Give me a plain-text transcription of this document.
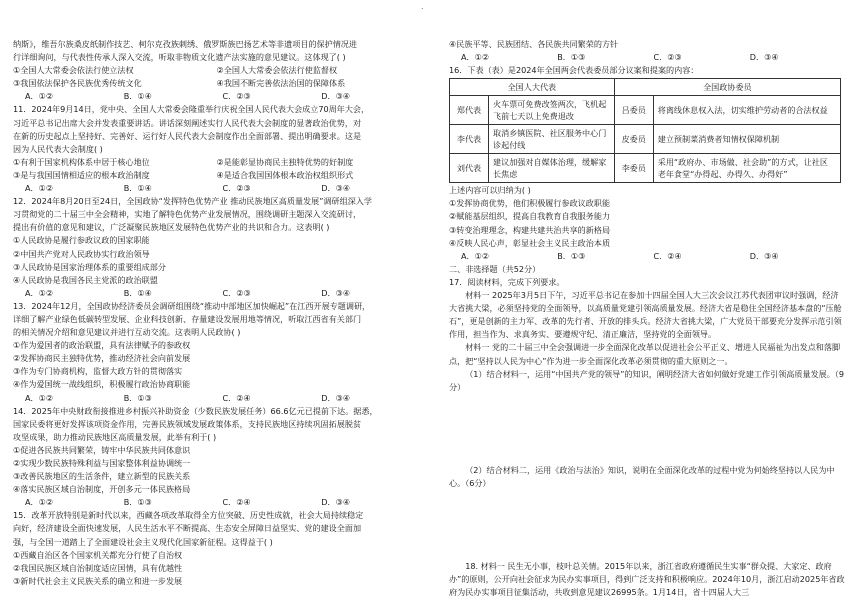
.

纳斯》，维吾尔族桑皮纸制作技艺、柯尔克孜族刺绣、俄罗斯族巴扬艺术等非遗项目的保护情况进

行详细询问，与代表性传承人深入交流，听取非物质文化遗产法实施的意见建议。这体现了( )

①全国人大常委会依法行使立法权	②全国人大常委会依法行使监督权
③我国依法保护各民族优秀传统文化	④我国不断完善依法治国的保障体系
A．①②	B．①④	C．②③	D．③④

11．2024年9月14日，党中央、全国人大常委会隆重举行庆祝全国人民代表大会成立70周年大会，

习近平总书记出席大会并发表重要讲话。讲话深刻阐述实行人民代表大会制度的显著政治优势，对

在新的历史起点上坚持好、完善好、运行好人民代表大会制度作出全面部署、提出明确要求。这是

因为人民代表大会制度( )

①有利于国家机构体系中居于核心地位	②是能彰显协商民主独特优势的好制度
③是与我国国情相适应的根本政治制度	④是适合我国国体根本政治权组织形式
A．①②	B．①④	C．②③	D．③④

12．2024年8月20日至24日，全国政协“发挥特色优势产业 推动民族地区高质量发展”调研组深入学

习贯彻党的二十届三中全会精神，实地了解特色优势产业发展情况，围绕调研主题深入交流研讨，

提出有价值的意见和建议，广泛凝聚民族地区发展特色优势产业的共识和合力。这表明( )

①人民政协是履行参政议政的国家职能

②中国共产党对人民政协实行政治领导

③人民政协是国家治理体系的重要组成部分

④人民政协是我国各民主党派的政治联盟

A．①②	B．①④	C．②③	D．③④

13．2024年12月，全国政协经济委员会调研组围绕“推动中部地区加快崛起”在江西开展专题调研，

详细了解产业绿色低碳转型发展、企业科技创新、存量建设发展用地等情况，听取江西省有关部门

的相关情况介绍和意见建议并进行互动交流。这表明人民政协( )

①作为爱国者的政治联盟，具有法律赋予的参政权

②发挥协商民主独特优势，推动经济社会向前发展

③作为专门协商机构，监督大政方针的贯彻落实

④作为爱国统一战线组织，积极履行政治协商职能

A．①②	B．①③	C．②④	D．③④

14．2025年中央财政衔接推进乡村振兴补助资金（少数民族发展任务）66.6亿元已提前下达。据悉，

国家民委将更好发挥该项资金作用，完善民族领域发展政策体系，支持民族地区持续巩固拓展脱贫

攻坚成果，助力推动民族地区高质量发展，此举有利于( )

①促进各民族共同繁荣，铸牢中华民族共同体意识

②实现少数民族特殊利益与国家整体利益协调统一

③改善民族地区的生活条件，建立新型的民族关系

④落实民族区域自治制度，开创多元一体民族格局

A．①②	B．①③	C．②④	D．③④

15．改革开放特别是新时代以来，西藏各项改革取得全方位突破、历史性成就，社会大局持续稳定

向好，经济建设全面快速发展，人民生活水平不断提高、生态安全屏障日益坚实、党的建设全面加

强，与全国一道踏上了全面建设社会主义现代化国家新征程。这得益于( )

①西藏自治区各个国家机关都充分行使了自治权

②我国民族区域自治制度适应国情，具有优越性

③新时代社会主义民族关系的确立和进一步发展

④民族平等、民族团结、各民族共同繁荣的方针

A．①②	B．①③	C．②③	D．③④

16．下表（表）是2024年全国两会代表委员部分议案和提案的内容：

全国人大代表		全国政协委员	
郑代表	火车票可免费改签两次，飞机起飞前七天以上免费退改	吕委员	将离线休息权入法，切实维护劳动者的合法权益
李代表	取消乡镇医院、社区服务中心门诊起付线	皮委员	建立预制菜消费者知情权保障机制
刘代表	建议加强对自媒体治理，缓解家长焦虑	李委员	采用“政府办、市场做、社会助”的方式，让社区老年食堂“办得起、办得久、办得好”

上述内容可以归纳为( )

①发挥协商优势，他们积极履行参政议政职能

②赋能基层组织，提高自我教育自我服务能力

③转变治理理念，构建共建共治共享的新格局

④反映人民心声，彰显社会主义民主政治本质

A．①②	B．①③	C．②④	D．③④

二、非选择题（共52分）

17．阅读材料，完成下列要求。

材料一 2025年3月5日下午，习近平总书记在参加十四届全国人大三次会议江苏代表团审议时强调，经济大省挑大梁，必须坚持党的全面领导，以高质量党建引领高质量发展。经济大省是稳住全国经济基本盘的“压舱石”，更是创新的主力军、改革的先行者、开放的排头兵。经济大省挑大梁，广大党员干部要充分发挥示范引领作用，担当作为、求真务实、要遵规守纪、清正廉洁，坚持党的全面领导。

材料一 党的二十届三中全会强调进一步全面深化改革以促进社会公平正义、增进人民福祉为出发点和落脚点，把“坚持以人民为中心”作为进一步全面深化改革必须贯彻的重大原则之一。

（1）结合材料一，运用“中国共产党的领导”的知识，阐明经济大省如何做好党建工作引领高质量发展。（9分）

（2）结合材料二，运用《政治与法治》知识，说明在全面深化改革的过程中党为何始终坚持以人民为中心。（6分）

18. 材料一 民生无小事，枝叶总关情。2015年以来，浙江省政府遵循民生实事“群众提、大家定、政府办”的原则，公开向社会征求为民办实事项目，得到广泛支持和积极响应。2024年10月，浙江启动2025年省政府为民办实事项目征集活动，共收到意见建议26995条。1月14日，省十四届人大三
